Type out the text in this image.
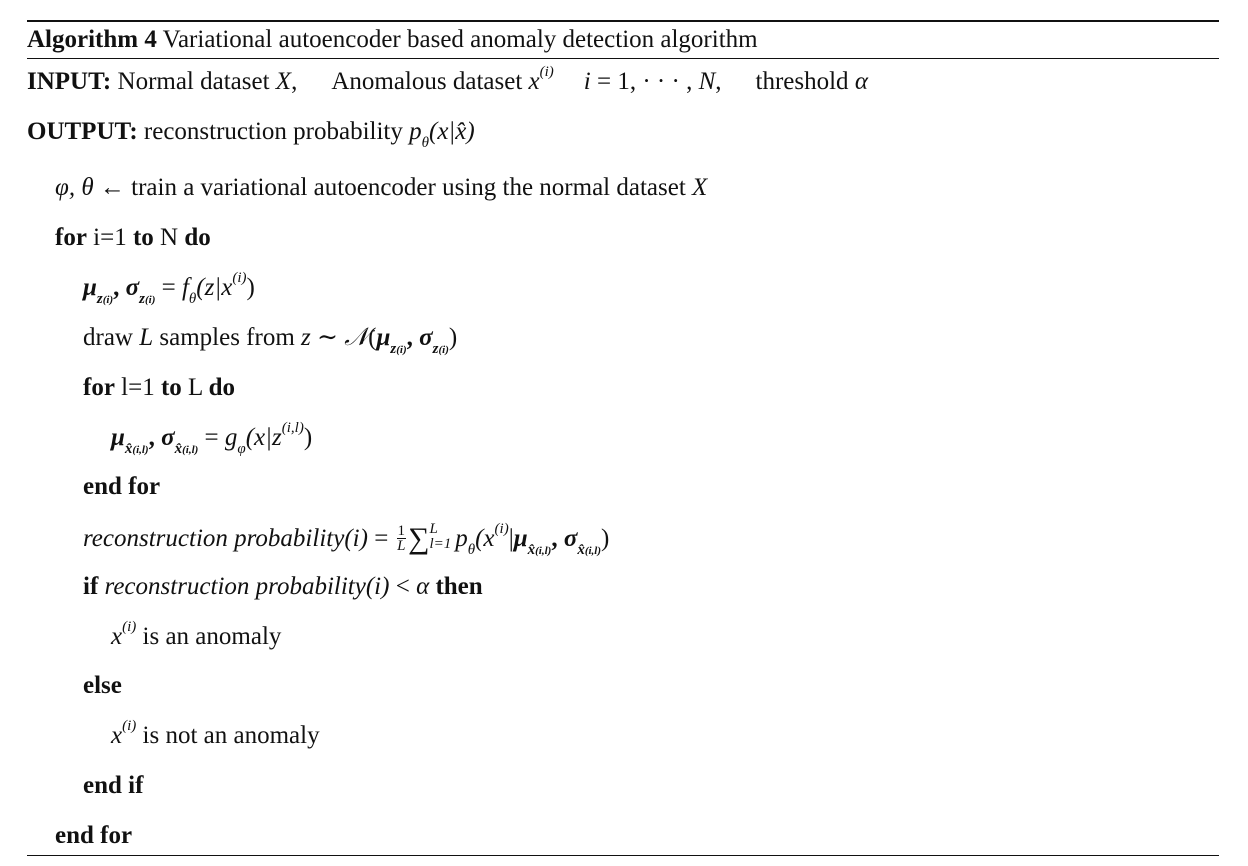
Algorithm 4 Variational autoencoder based anomaly detection algorithm
INPUT: Normal dataset X, Anomalous dataset $x^{(i)}$ i = 1, · · · , N, threshold α
OUTPUT: reconstruction probability $p_\theta(x|x̂)$
φ, θ ← train a variational autoencoder using the normal dataset X
for i=1 to N do
$\mu_{z(i)}$, $\sigma_{z(i)} = f_\theta(z|x^{(i)})$
draw L samples from z ∼ $𝒩(\mu_{z(i)}$, $\sigma_{z(i)}$)
for l=1 to L do
$\mu_{x̂(i,l)}$, $\sigma_{x̂(i,l)} = g_\varphi(x|z^{(i,l)})$
end for
reconstruction probability(i) = $\frac{1}{L}$ ∑ L
l=1 $p_\theta(x^{(i)}|\mu_{x̂(i,l)}$, $\sigma_{x̂(i,l)}$)
if reconstruction probability(i) < α then
$x^{(i)}$ is an anomaly
else
$x^{(i)}$ is not an anomaly
end if
end for
